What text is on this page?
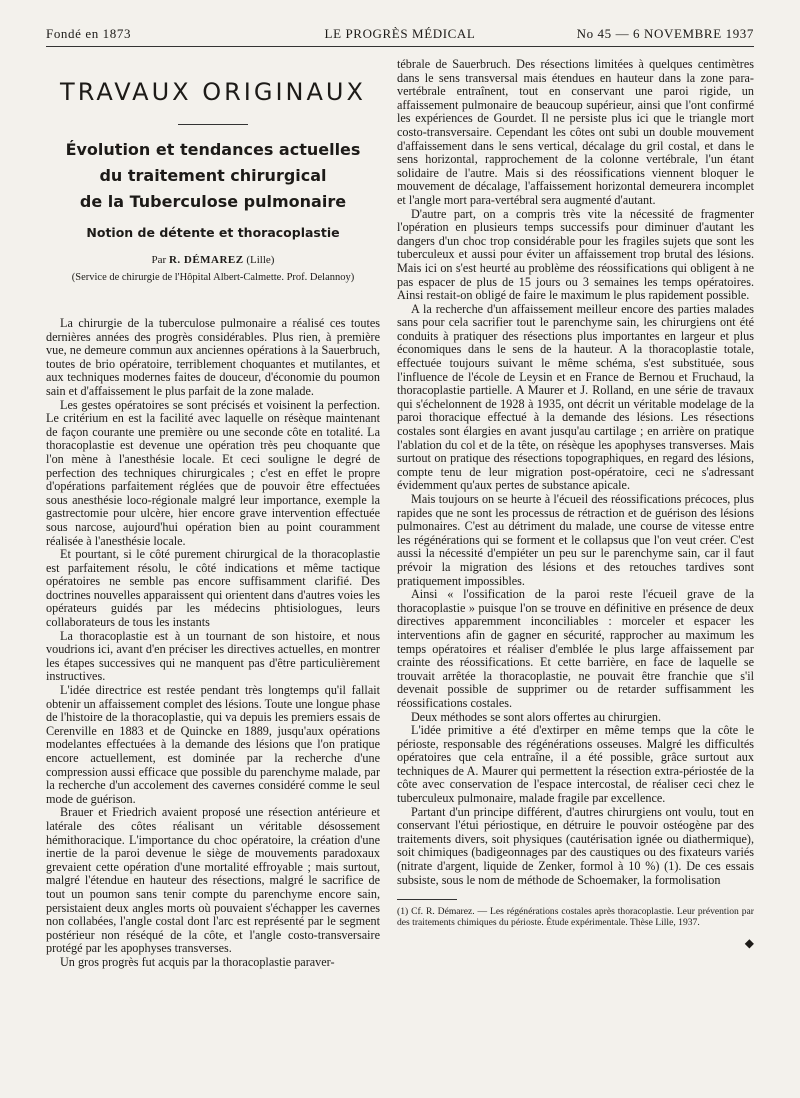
Fondé en 1873	LE PROGRÈS MÉDICAL	No 45 — 6 NOVEMBRE 1937
TRAVAUX ORIGINAUX
Évolution et tendances actuelles
du traitement chirurgical
de la Tuberculose pulmonaire
Notion de détente et thoracoplastie
Par R. DÉMAREZ (Lille)
(Service de chirurgie de l'Hôpital Albert-Calmette. Prof. Delannoy)

La chirurgie de la tuberculose pulmonaire a réalisé ces toutes dernières années des progrès considérables. Plus rien, à première vue, ne demeure commun aux anciennes opérations à la Sauerbruch, toutes de brio opératoire, terriblement choquantes et mutilantes, et aux techniques modernes faites de douceur, d'économie du poumon sain et d'affaissement le plus parfait de la zone malade.

Les gestes opératoires se sont précisés et voisinent la perfection. Le critérium en est la facilité avec laquelle on résèque maintenant de façon courante une première ou une seconde côte en totalité. La thoracoplastie est devenue une opération très peu choquante que l'on mène à l'anesthésie locale. Et ceci souligne le degré de perfection des techniques chirurgicales ; c'est en effet le propre d'opérations parfaitement réglées que de pouvoir être effectuées sous anesthésie loco-régionale malgré leur importance, exemple la gastrectomie pour ulcère, hier encore grave intervention effectuée sous narcose, aujourd'hui opération bien au point couramment réalisée à l'anesthésie locale.

Et pourtant, si le côté purement chirurgical de la thoracoplastie est parfaitement résolu, le côté indications et même tactique opératoires ne semble pas encore suffisamment clarifié. Des doctrines nouvelles apparaissent qui orientent dans d'autres voies les opérateurs guidés par les médecins phtisiologues, leurs collaborateurs de tous les instants

La thoracoplastie est à un tournant de son histoire, et nous voudrions ici, avant d'en préciser les directives actuelles, en montrer les étapes successives qui ne manquent pas d'être particulièrement instructives.

L'idée directrice est restée pendant très longtemps qu'il fallait obtenir un affaissement complet des lésions. Toute une longue phase de l'histoire de la thoracoplastie, qui va depuis les premiers essais de Cerenville en 1883 et de Quincke en 1889, jusqu'aux opérations modelantes effectuées à la demande des lésions que l'on pratique encore actuellement, est dominée par la recherche d'une compression aussi efficace que possible du parenchyme malade, par la recherche d'un accolement des cavernes considéré comme le seul mode de guérison.

Brauer et Friedrich avaient proposé une résection antérieure et latérale des côtes réalisant un véritable désossement hémithoracique. L'importance du choc opératoire, la création d'une inertie de la paroi devenue le siège de mouvements paradoxaux grevaient cette opération d'une mortalité effroyable ; mais surtout, malgré l'étendue en hauteur des résections, malgré le sacrifice de tout un poumon sans tenir compte du parenchyme encore sain, persistaient deux angles morts où pouvaient s'échapper les cavernes non collabées, l'angle costal dont l'arc est représenté par le segment postérieur non réséqué de la côte, et l'angle costo-transversaire protégé par les apophyses transverses.

Un gros progrès fut acquis par la thoracoplastie paraver-

tébrale de Sauerbruch. Des résections limitées à quelques centimètres dans le sens transversal mais étendues en hauteur dans la zone para-vertébrale entraînent, tout en conservant une paroi rigide, un affaissement pulmonaire de beaucoup supérieur, ainsi que l'ont confirmé les expériences de Gourdet. Il ne persiste plus ici que le triangle mort costo-transversaire. Cependant les côtes ont subi un double mouvement d'affaissement dans le sens vertical, décalage du gril costal, et dans le sens horizontal, rapprochement de la colonne vertébrale, l'un étant solidaire de l'autre. Mais si des réossifications viennent bloquer le mouvement de décalage, l'affaissement horizontal demeurera incomplet et l'angle mort para-vertébral sera augmenté d'autant.

D'autre part, on a compris très vite la nécessité de fragmenter l'opération en plusieurs temps successifs pour diminuer d'autant les dangers d'un choc trop considérable pour les fragiles sujets que sont les tuberculeux et aussi pour éviter un affaissement trop brutal des lésions. Mais ici on s'est heurté au problème des réossifications qui obligent à ne pas espacer de plus de 15 jours ou 3 semaines les temps opératoires. Ainsi restait-on obligé de faire le maximum le plus rapidement possible.

A la recherche d'un affaissement meilleur encore des parties malades sans pour cela sacrifier tout le parenchyme sain, les chirurgiens ont été conduits à pratiquer des résections plus importantes en largeur et plus économiques dans le sens de la hauteur. A la thoracoplastie totale, effectuée toujours suivant le même schéma, s'est substituée, sous l'influence de l'école de Leysin et en France de Bernou et Fruchaud, la thoracoplastie partielle. A Maurer et J. Rolland, en une série de travaux qui s'échelonnent de 1928 à 1935, ont décrit un véritable modelage de la paroi thoracique effectué à la demande des lésions. Les résections costales sont élargies en avant jusqu'au cartilage ; en arrière on pratique l'ablation du col et de la tête, on résèque les apophyses transverses. Mais surtout on pratique des résections topographiques, en regard des lésions, compte tenu de leur migration post-opératoire, ceci ne s'adressant évidemment qu'aux pertes de substance apicale.

Mais toujours on se heurte à l'écueil des réossifications précoces, plus rapides que ne sont les processus de rétraction et de guérison des lésions pulmonaires. C'est au détriment du malade, une course de vitesse entre les régénérations qui se forment et le collapsus que l'on veut créer. C'est aussi la nécessité d'empiéter un peu sur le parenchyme sain, car il faut prévoir la migration des lésions et des retouches tardives sont pratiquement impossibles.

Ainsi « l'ossification de la paroi reste l'écueil grave de la thoracoplastie » puisque l'on se trouve en définitive en présence de deux directives apparemment inconciliables : morceler et espacer les interventions afin de gagner en sécurité, rapprocher au maximum les temps opératoires et réaliser d'emblée le plus large affaissement par crainte des réossifications. Et cette barrière, en face de laquelle se trouvait arrêtée la thoracoplastie, ne pouvait être franchie que s'il devenait possible de supprimer ou de retarder suffisamment les réossifications costales.

Deux méthodes se sont alors offertes au chirurgien.

L'idée primitive a été d'extirper en même temps que la côte le périoste, responsable des régénérations osseuses. Malgré les difficultés opératoires que cela entraîne, il a été possible, grâce surtout aux techniques de A. Maurer qui permettent la résection extra-périostée de la côte avec conservation de l'espace intercostal, de réaliser ceci chez le tuberculeux pulmonaire, malade fragile par excellence.

Partant d'un principe différent, d'autres chirurgiens ont voulu, tout en conservant l'étui périostique, en détruire le pouvoir ostéogène par des traitements divers, soit physiques (cautérisation ignée ou diathermique), soit chimiques (badigeonnages par des caustiques ou des fixateurs variés (nitrate d'argent, liquide de Zenker, formol à 10 %) (1). De ces essais subsiste, sous le nom de méthode de Schoemaker, la formolisation

(1) Cf. R. Démarez. — Les régénérations costales après thoracoplastie. Leur prévention par des traitements chimiques du périoste. Étude expérimentale. Thèse Lille, 1937.
◆
